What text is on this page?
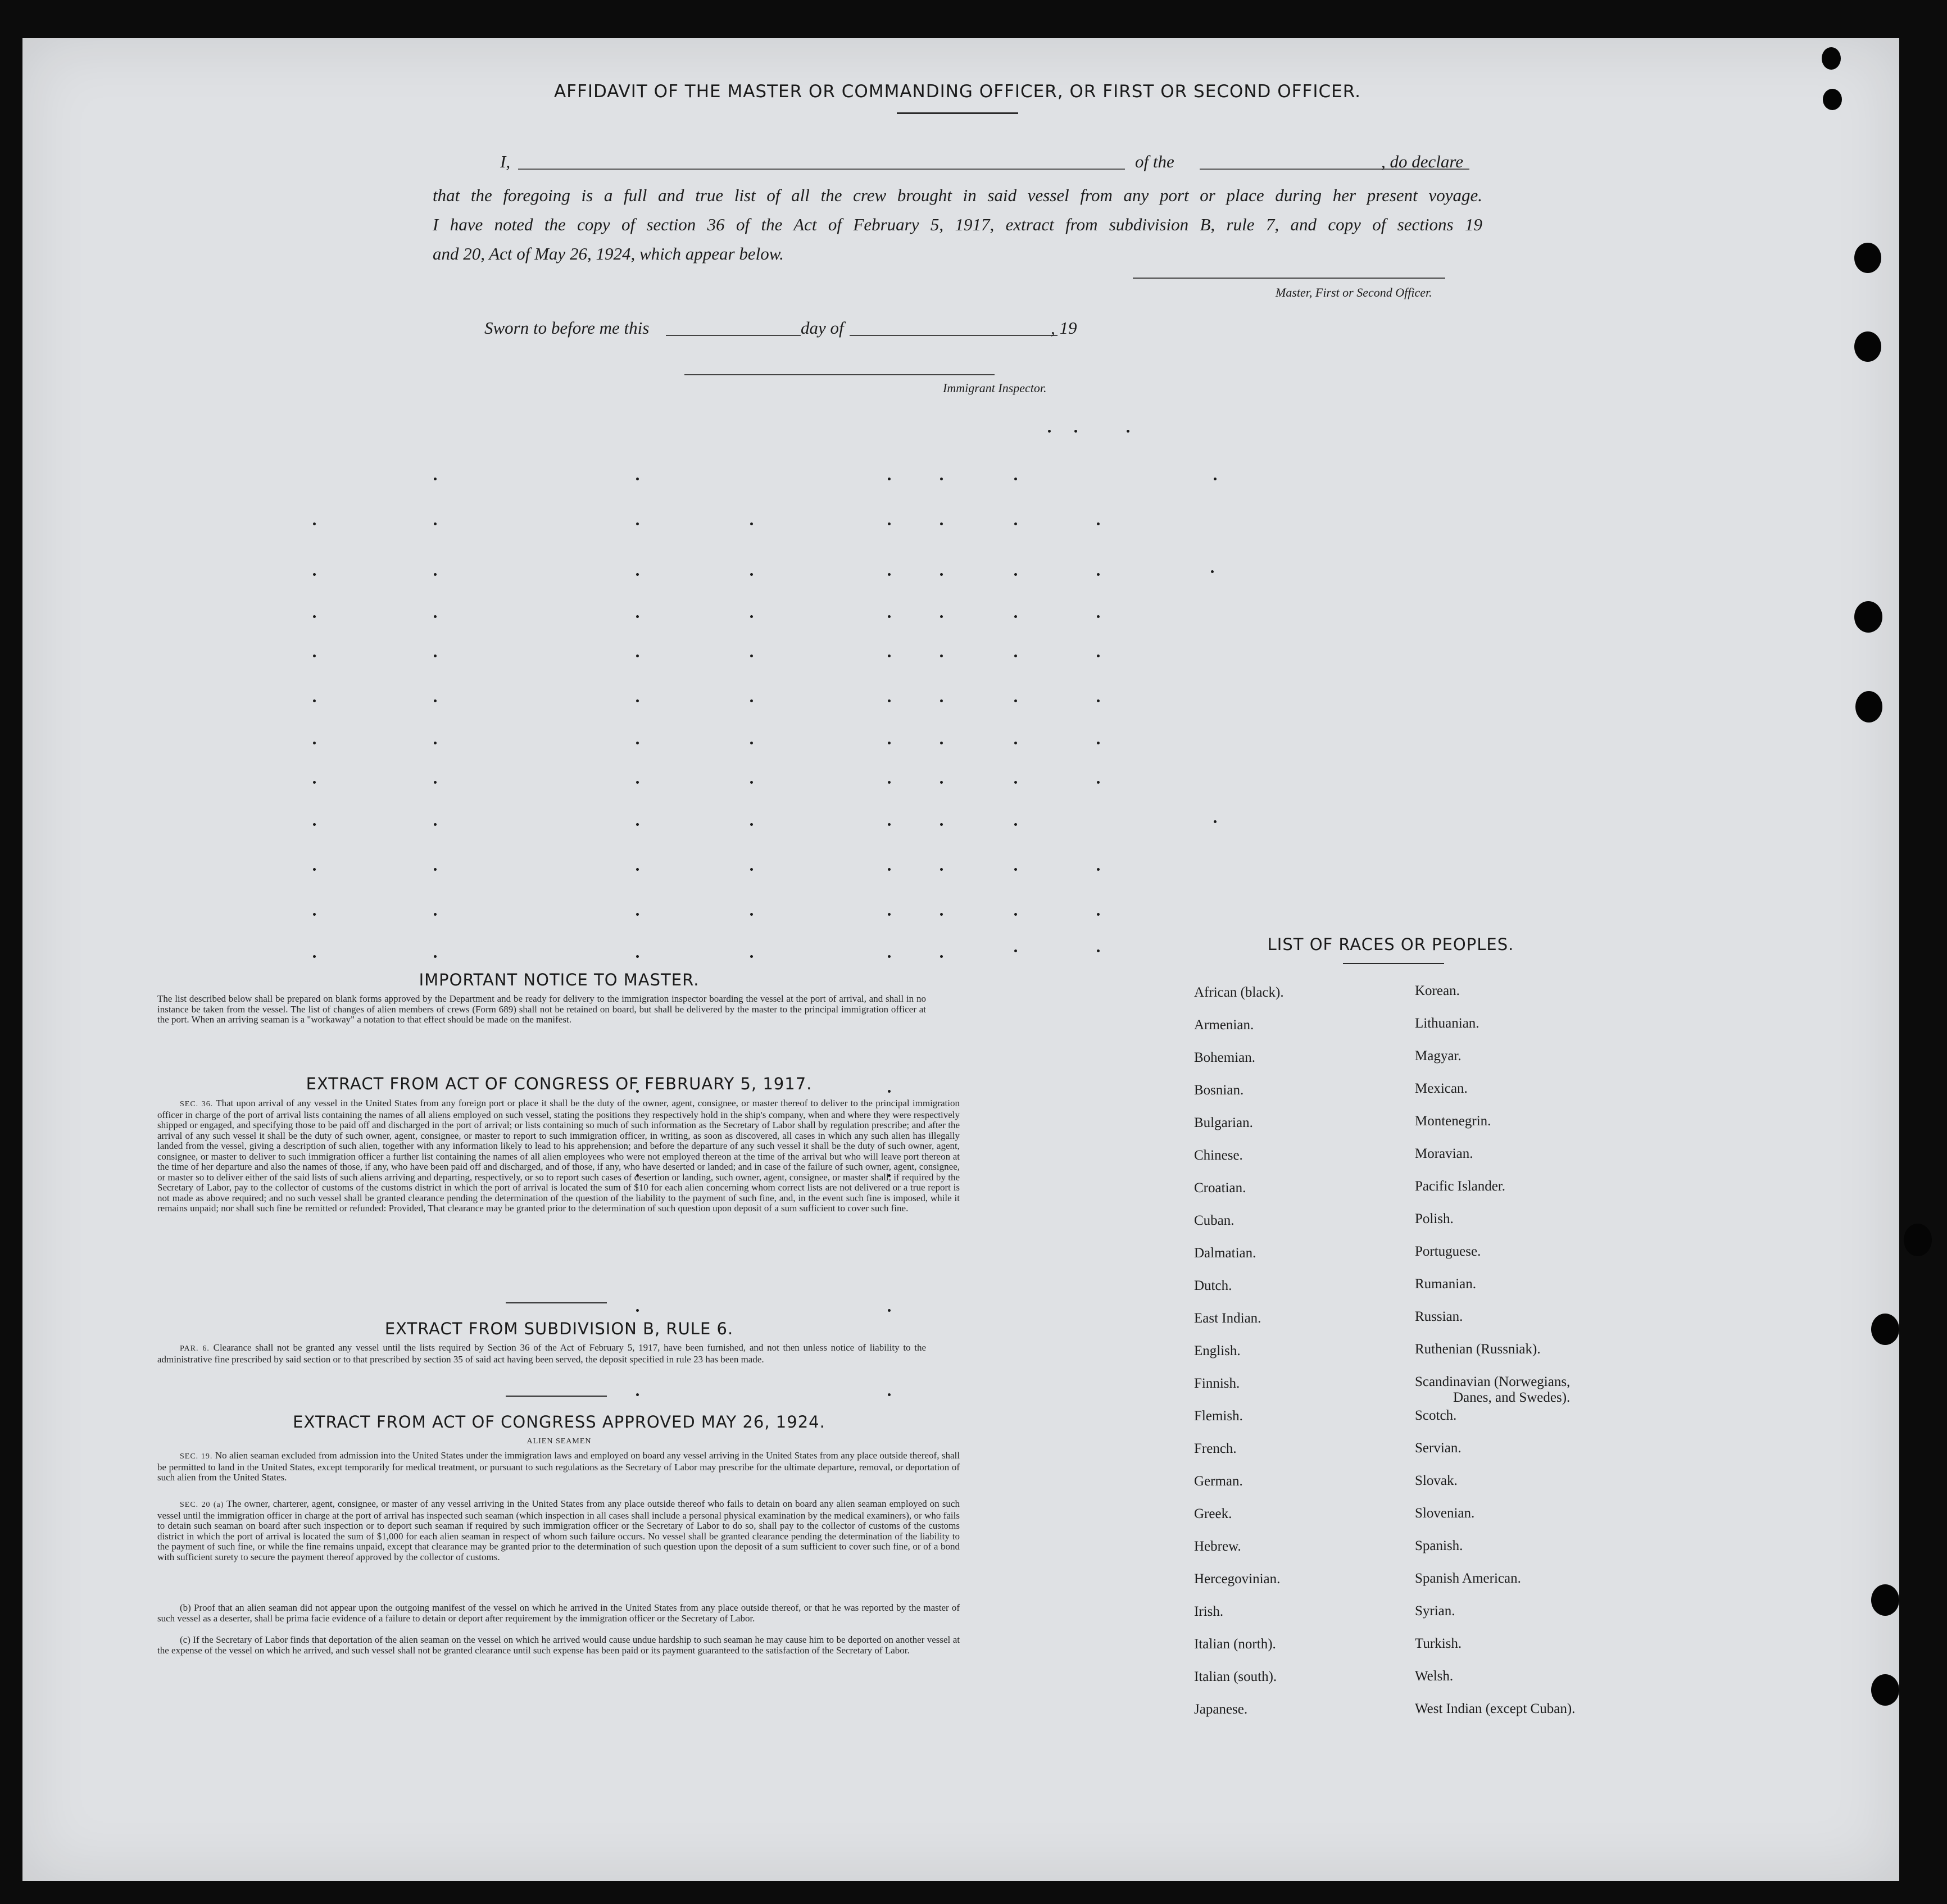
AFFIDAVIT OF THE MASTER OR COMMANDING OFFICER, OR FIRST OR SECOND OFFICER.
I,	of the	, do declare
that the foregoing is a full and true list of all the crew brought in said vessel from any port or place during her present voyage.
I have noted the copy of section 36 of the Act of February 5, 1917, extract from subdivision B, rule 7, and copy of sections 19
and 20, Act of May 26, 1924, which appear below.
Master, First or Second Officer.
Sworn to before me this	day of	, 19
Immigrant Inspector.
IMPORTANT NOTICE TO MASTER.
The list described below shall be prepared on blank forms approved by the Department and be ready for delivery to the immigration inspector boarding the vessel at the port of arrival, and shall in no instance be taken from the vessel. The list of changes of alien members of crews (Form 689) shall not be retained on board, but shall be delivered by the master to the principal immigration officer at the port. When an arriving seaman is a "workaway" a notation to that effect should be made on the manifest.
EXTRACT FROM ACT OF CONGRESS OF FEBRUARY 5, 1917.
SEC. 36. That upon arrival of any vessel in the United States from any foreign port or place it shall be the duty of the owner, agent, consignee, or master thereof to deliver to the principal immigration officer in charge of the port of arrival lists containing the names of all aliens employed on such vessel, stating the positions they respectively hold in the ship's company, when and where they were respectively shipped or engaged, and specifying those to be paid off and discharged in the port of arrival; or lists containing so much of such information as the Secretary of Labor shall by regulation prescribe; and after the arrival of any such vessel it shall be the duty of such owner, agent, consignee, or master to report to such immigration officer, in writing, as soon as discovered, all cases in which any such alien has illegally landed from the vessel, giving a description of such alien, together with any information likely to lead to his apprehension; and before the departure of any such vessel it shall be the duty of such owner, agent, consignee, or master to deliver to such immigration officer a further list containing the names of all alien employees who were not employed thereon at the time of the arrival but who will leave port thereon at the time of her departure and also the names of those, if any, who have been paid off and discharged, and of those, if any, who have deserted or landed; and in case of the failure of such owner, agent, consignee, or master so to deliver either of the said lists of such aliens arriving and departing, respectively, or so to report such cases of desertion or landing, such owner, agent, consignee, or master shall, if required by the Secretary of Labor, pay to the collector of customs of the customs district in which the port of arrival is located the sum of $10 for each alien concerning whom correct lists are not delivered or a true report is not made as above required; and no such vessel shall be granted clearance pending the determination of the question of the liability to the payment of such fine, and, in the event such fine is imposed, while it remains unpaid; nor shall such fine be remitted or refunded: Provided, That clearance may be granted prior to the determination of such question upon deposit of a sum sufficient to cover such fine.
EXTRACT FROM SUBDIVISION B, RULE 6.
PAR. 6. Clearance shall not be granted any vessel until the lists required by Section 36 of the Act of February 5, 1917, have been furnished, and not then unless notice of liability to the administrative fine prescribed by said section or to that prescribed by section 35 of said act having been served, the deposit specified in rule 23 has been made.
EXTRACT FROM ACT OF CONGRESS APPROVED MAY 26, 1924.
ALIEN SEAMEN
SEC. 19. No alien seaman excluded from admission into the United States under the immigration laws and employed on board any vessel arriving in the United States from any place outside thereof, shall be permitted to land in the United States, except temporarily for medical treatment, or pursuant to such regulations as the Secretary of Labor may prescribe for the ultimate departure, removal, or deportation of such alien from the United States.
SEC. 20 (a) The owner, charterer, agent, consignee, or master of any vessel arriving in the United States from any place outside thereof who fails to detain on board any alien seaman employed on such vessel until the immigration officer in charge at the port of arrival has inspected such seaman (which inspection in all cases shall include a personal physical examination by the medical examiners), or who fails to detain such seaman on board after such inspection or to deport such seaman if required by such immigration officer or the Secretary of Labor to do so, shall pay to the collector of customs of the customs district in which the port of arrival is located the sum of $1,000 for each alien seaman in respect of whom such failure occurs. No vessel shall be granted clearance pending the determination of the liability to the payment of such fine, or while the fine remains unpaid, except that clearance may be granted prior to the determination of such question upon the deposit of a sum sufficient to cover such fine, or of a bond with sufficient surety to secure the payment thereof approved by the collector of customs.
(b) Proof that an alien seaman did not appear upon the outgoing manifest of the vessel on which he arrived in the United States from any place outside thereof, or that he was reported by the master of such vessel as a deserter, shall be prima facie evidence of a failure to detain or deport after requirement by the immigration officer or the Secretary of Labor.
(c) If the Secretary of Labor finds that deportation of the alien seaman on the vessel on which he arrived would cause undue hardship to such seaman he may cause him to be deported on another vessel at the expense of the vessel on which he arrived, and such vessel shall not be granted clearance until such expense has been paid or its payment guaranteed to the satisfaction of the Secretary of Labor.
LIST OF RACES OR PEOPLES.
African (black).
Armenian.
Bohemian.
Bosnian.
Bulgarian.
Chinese.
Croatian.
Cuban.
Dalmatian.
Dutch.
East Indian.
English.
Finnish.
Flemish.
French.
German.
Greek.
Hebrew.
Hercegovinian.
Irish.
Italian (north).
Italian (south).
Japanese.
Korean.
Lithuanian.
Magyar.
Mexican.
Montenegrin.
Moravian.
Pacific Islander.
Polish.
Portuguese.
Rumanian.
Russian.
Ruthenian (Russniak).
Scandinavian (Norwegians,
Danes, and Swedes).
Scotch.
Servian.
Slovak.
Slovenian.
Spanish.
Spanish American.
Syrian.
Turkish.
Welsh.
West Indian (except Cuban).
